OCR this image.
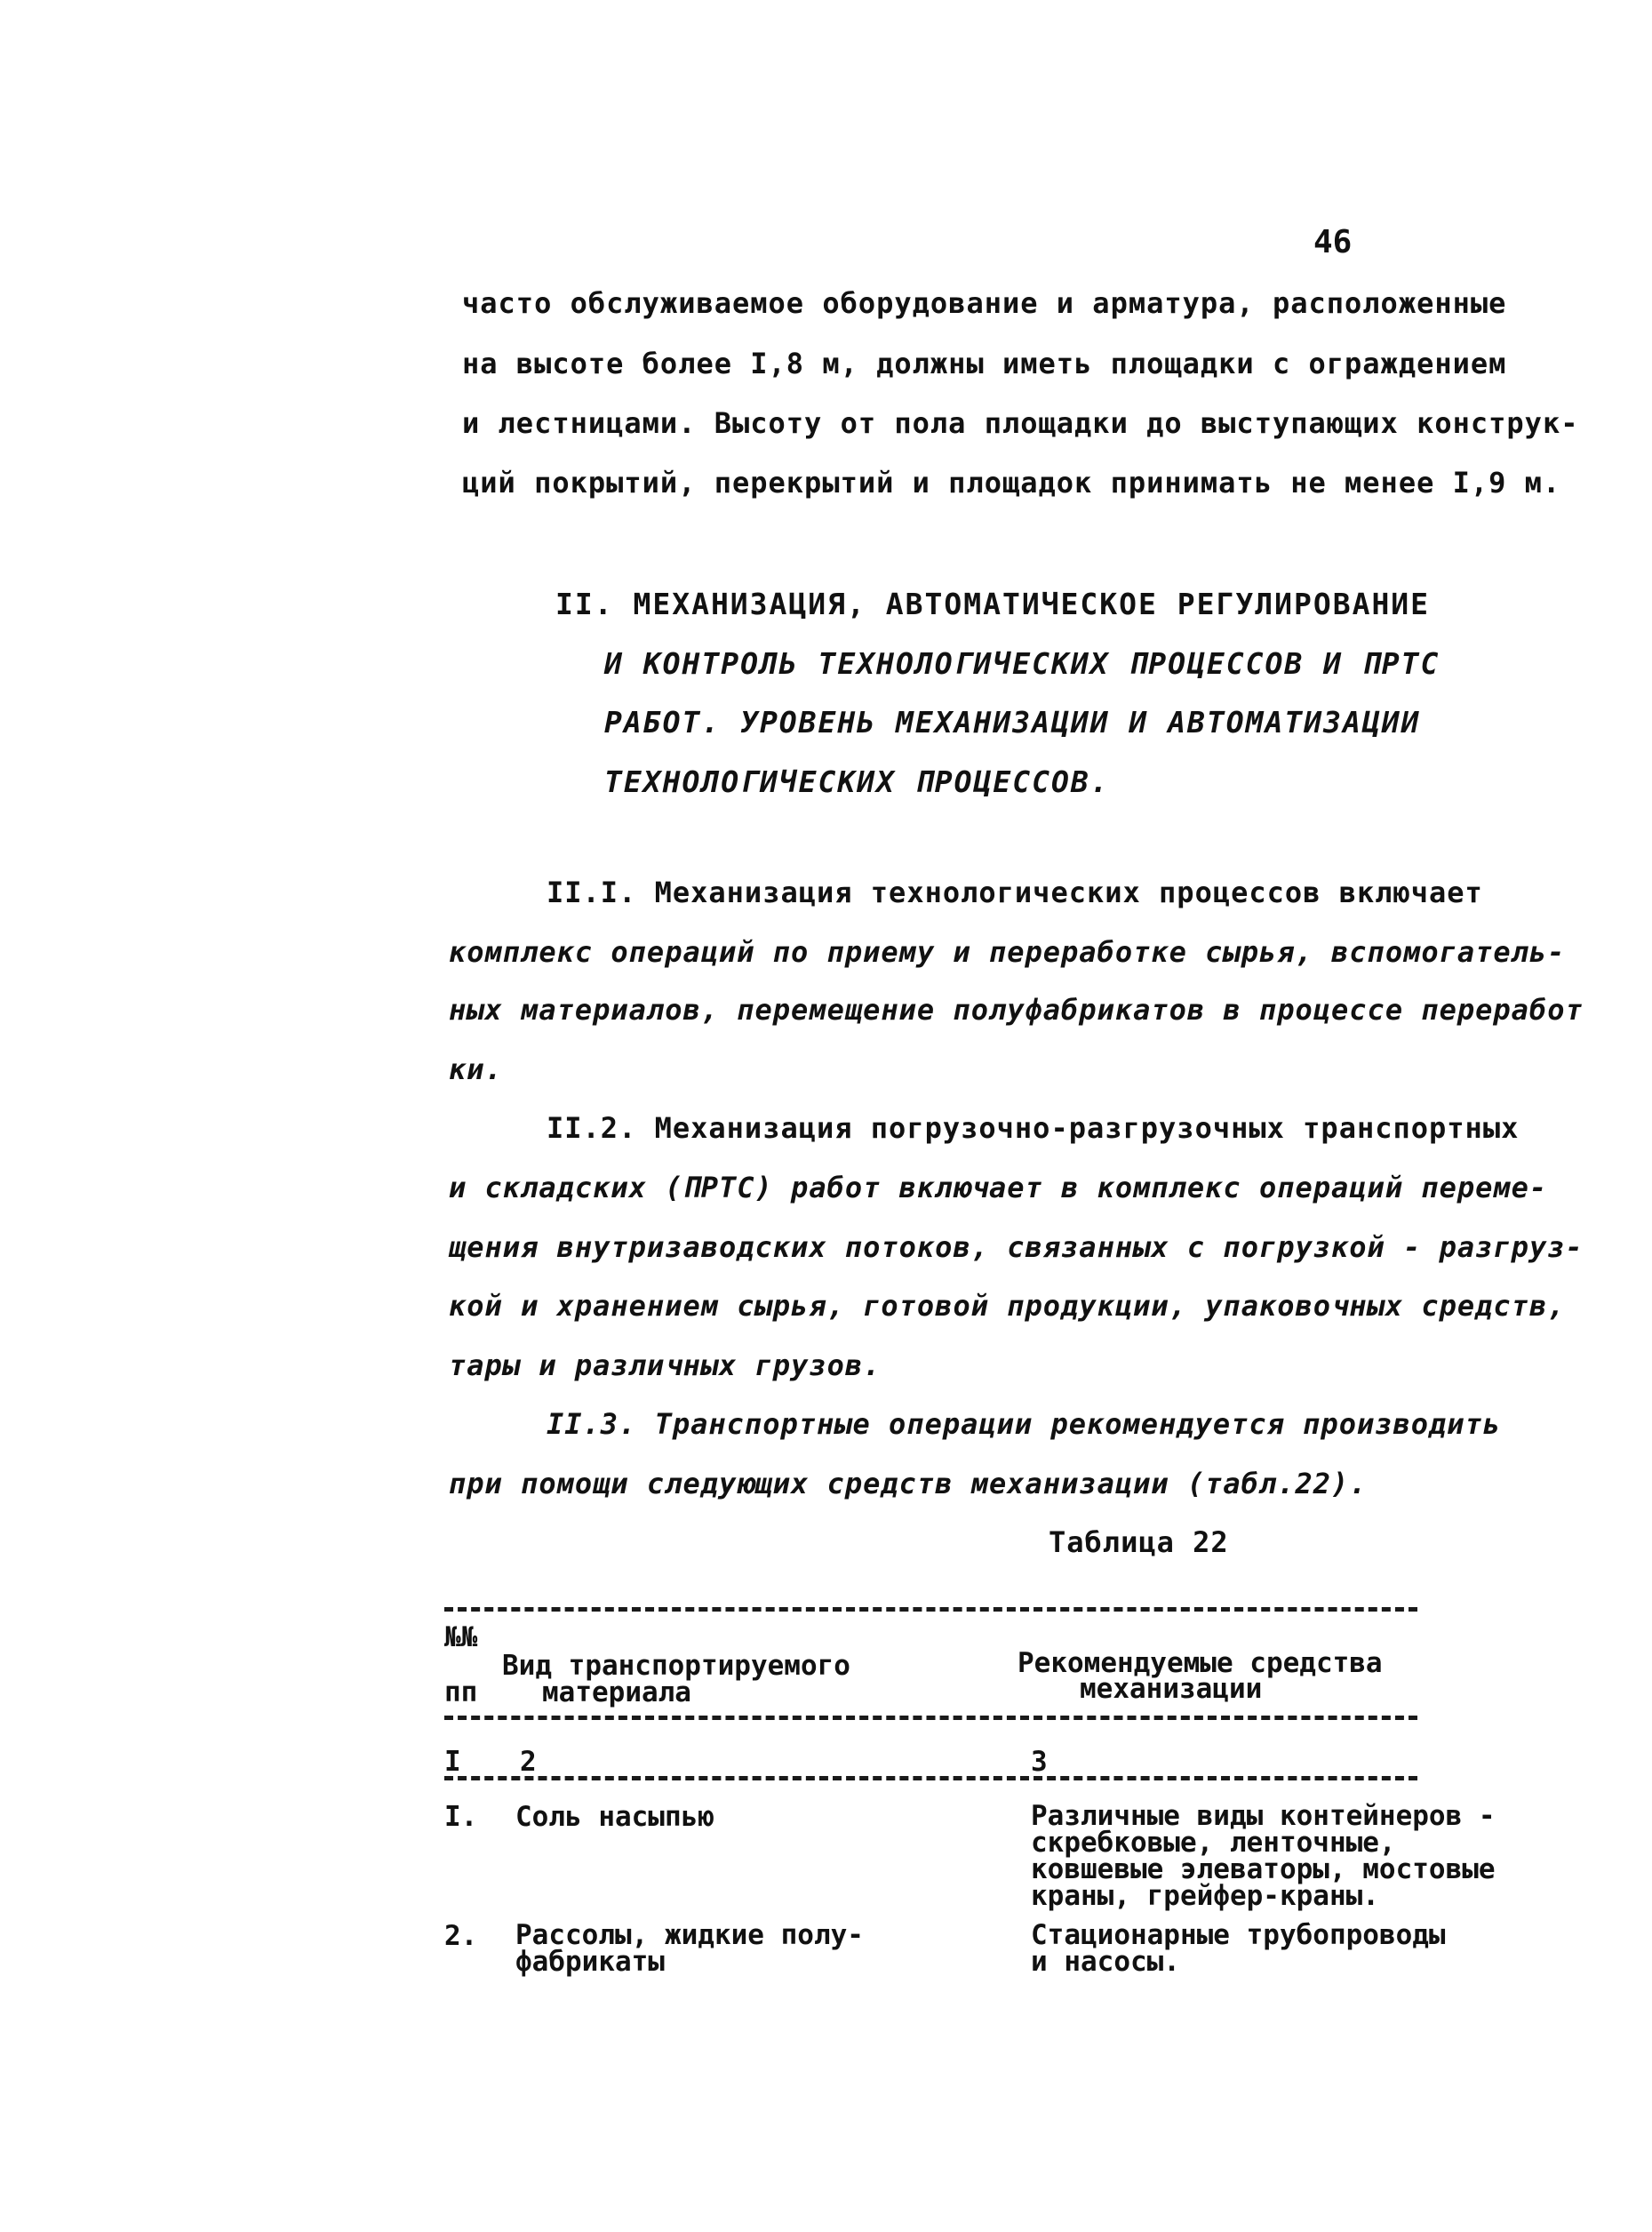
46
часто обслуживаемое оборудование и арматура, расположенные
на высоте более I,8 м, должны иметь площадки с ограждением
и лестницами. Высоту от пола площадки до выступающих конструк-
ций покрытий, перекрытий и площадок принимать не менее I,9 м.
II. МЕХАНИЗАЦИЯ, АВТОМАТИЧЕСКОЕ РЕГУЛИРОВАНИЕ
И КОНТРОЛЬ ТЕХНОЛОГИЧЕСКИХ ПРОЦЕССОВ И ПРТС
РАБОТ. УРОВЕНЬ МЕХАНИЗАЦИИ И АВТОМАТИЗАЦИИ
ТЕХНОЛОГИЧЕСКИХ ПРОЦЕССОВ.
II.I. Механизация технологических процессов включает
комплекс операций по приему и переработке сырья, вспомогатель-
ных материалов, перемещение полуфабрикатов в процессе переработ
ки.
II.2. Механизация погрузочно-разгрузочных транспортных
и складских (ПРТС) работ включает в комплекс операций переме-
щения внутризаводских потоков, связанных с погрузкой - разгруз-
кой и хранением сырья, готовой продукции, упаковочных средств,
тары и различных грузов.
II.3. Транспортные операции рекомендуется производить
при помощи следующих средств механизации (табл.22).
Таблица 22
№№
пп
Вид транспортируемого
материала
Рекомендуемые средства
механизации
I 2	3
I. Соль насыпью	Различные виды контейнеров -
скребковые, ленточные,
ковшевые элеваторы, мостовые
краны, грейфер-краны.
2. Рассолы, жидкие полу-
фабрикаты
Стационарные трубопроводы
и насосы.
